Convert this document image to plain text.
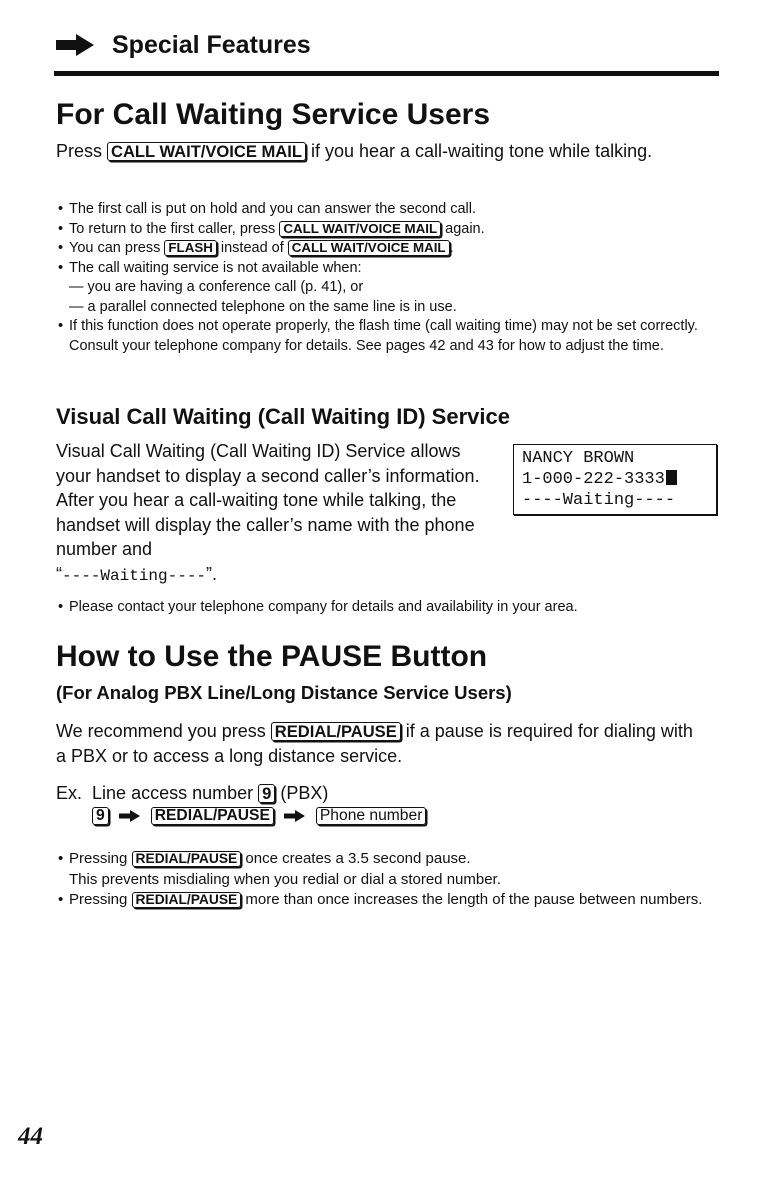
Special Features
For Call Waiting Service Users
Press CALL WAIT/VOICE MAIL if you hear a call-waiting tone while talking.
• The first call is put on hold and you can answer the second call.
• To return to the first caller, press CALL WAIT/VOICE MAIL again.
• You can press FLASH instead of CALL WAIT/VOICE MAIL .
• The call waiting service is not available when:
— you are having a conference call (p. 41), or
— a parallel connected telephone on the same line is in use.
• If this function does not operate properly, the flash time (call waiting time) may not be set correctly. Consult your telephone company for details. See pages 42 and 43 for how to adjust the time.
Visual Call Waiting (Call Waiting ID) Service
Visual Call Waiting (Call Waiting ID) Service allows your handset to display a second caller’s information. After you hear a call-waiting tone while talking, the handset will display the caller’s name with the phone number and
“----Waiting----”.
NANCY BROWN
1-000-222-3333
----Waiting----
• Please contact your telephone company for details and availability in your area.
How to Use the PAUSE Button
(For Analog PBX Line/Long Distance Service Users)
We recommend you press REDIAL/PAUSE if a pause is required for dialing with a PBX or to access a long distance service.
Ex. Line access number 9 (PBX)
9	REDIAL/PAUSE	Phone number
• Pressing REDIAL/PAUSE once creates a 3.5 second pause.
This prevents misdialing when you redial or dial a stored number.
• Pressing REDIAL/PAUSE more than once increases the length of the pause between numbers.
44
